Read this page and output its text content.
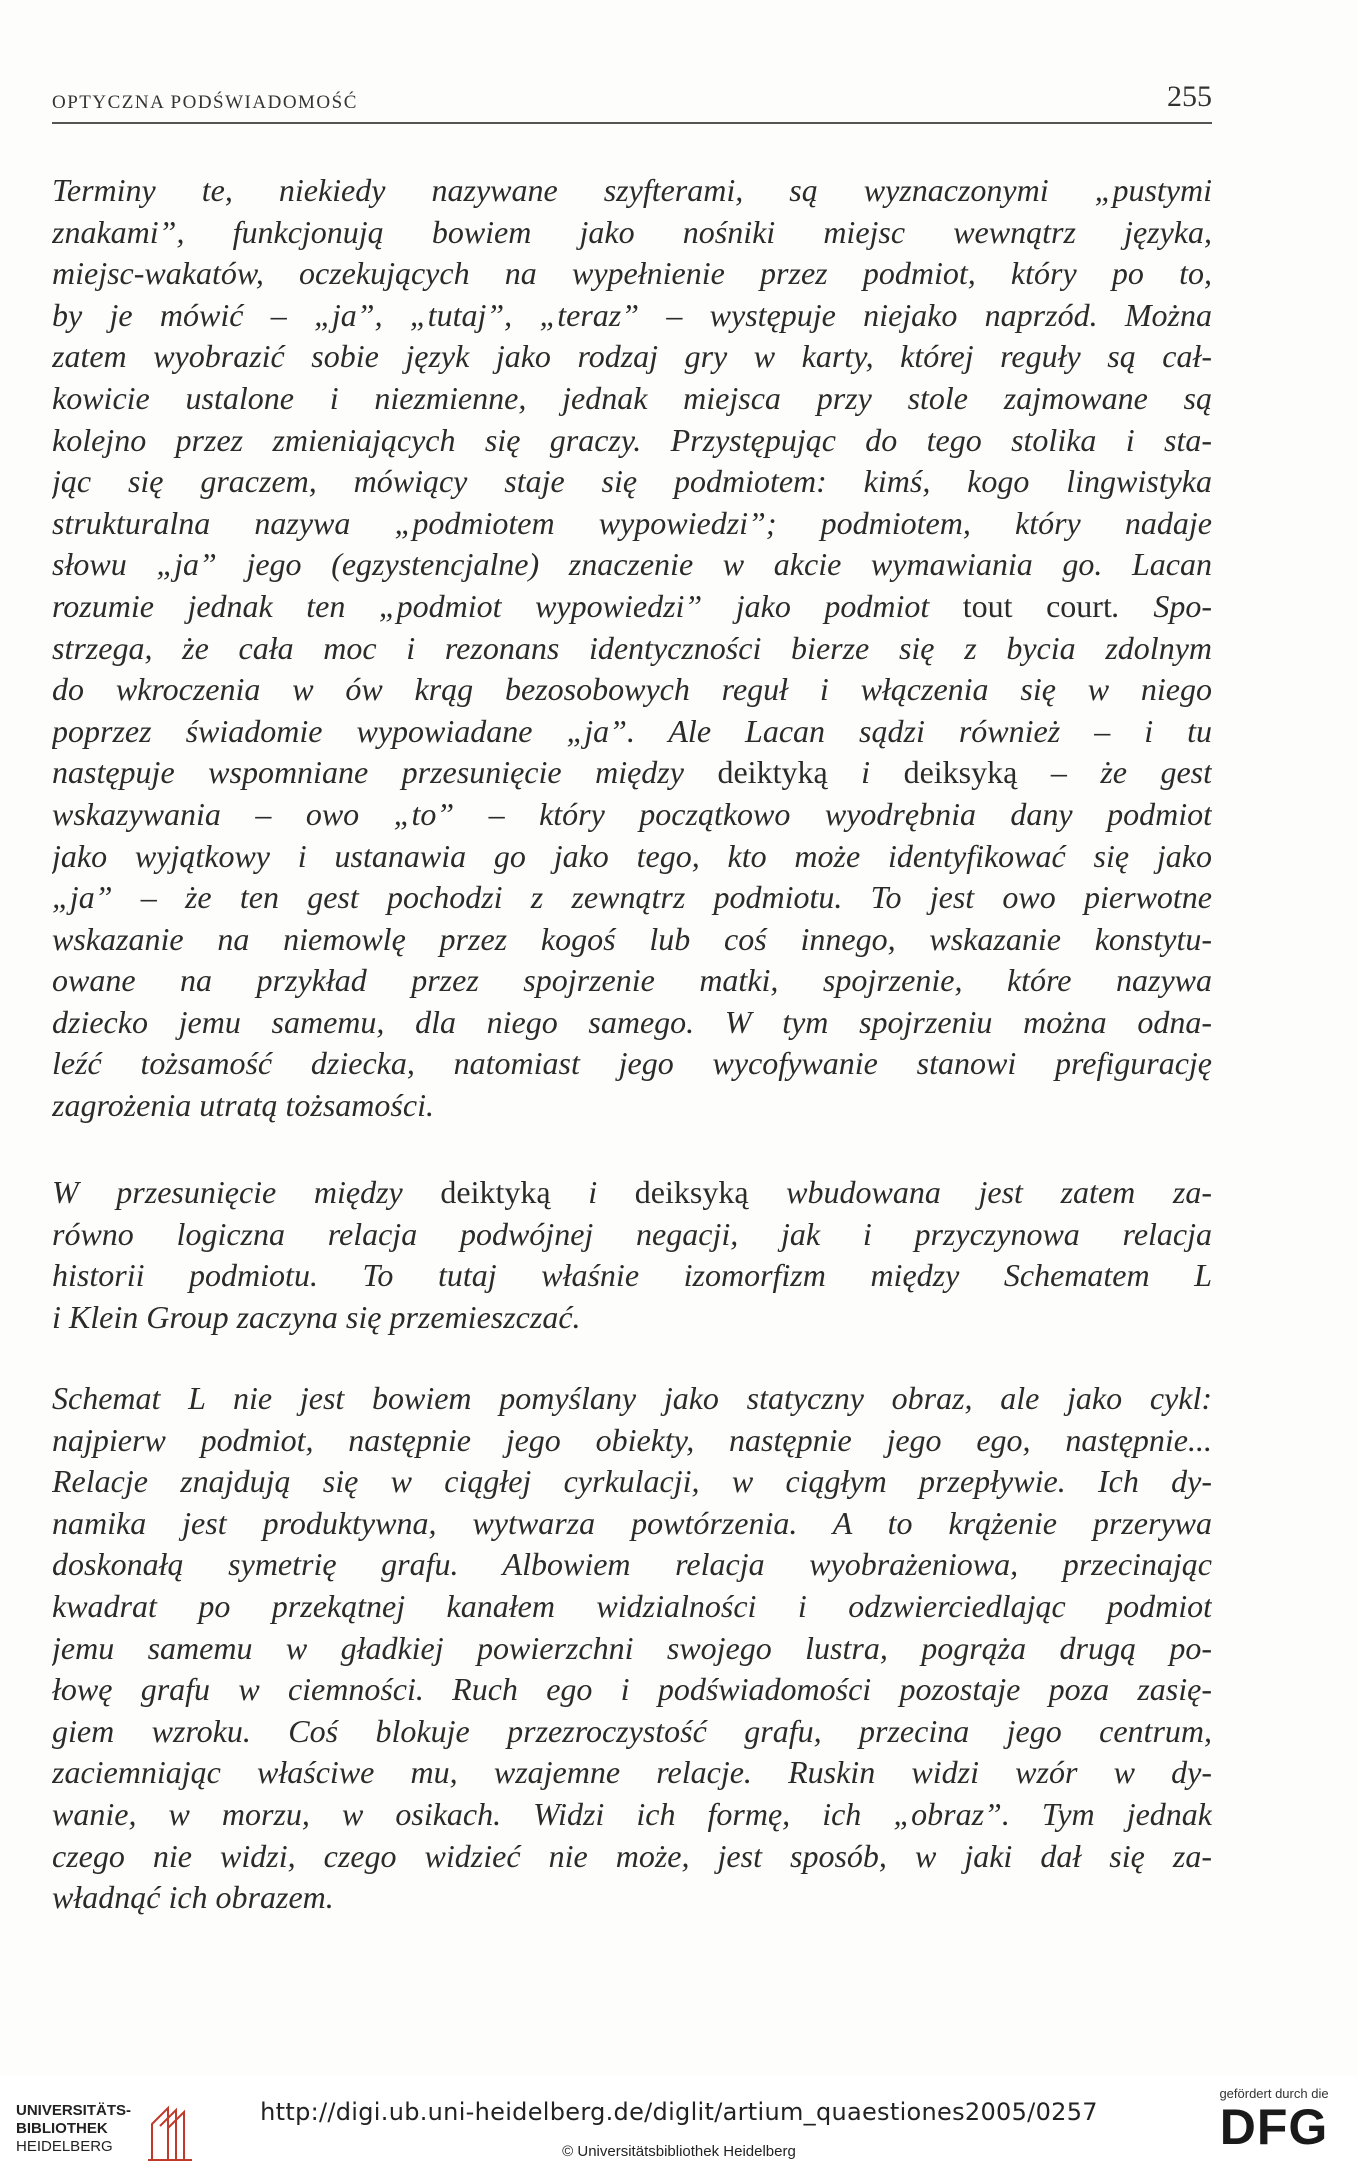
OPTYCZNA PODŚWIADOMOŚĆ	255
Terminy te, niekiedy nazywane szyfterami, są wyznaczonymi „pustymi
znakami”, funkcjonują bowiem jako nośniki miejsc wewnątrz języka,
miejsc-wakatów, oczekujących na wypełnienie przez podmiot, który po to,
by je mówić – „ja”, „tutaj”, „teraz” – występuje niejako naprzód. Można
zatem wyobrazić sobie język jako rodzaj gry w karty, której reguły są cał-
kowicie ustalone i niezmienne, jednak miejsca przy stole zajmowane są
kolejno przez zmieniających się graczy. Przystępując do tego stolika i sta-
jąc się graczem, mówiący staje się podmiotem: kimś, kogo lingwistyka
strukturalna nazywa „podmiotem wypowiedzi”; podmiotem, który nadaje
słowu „ja” jego (egzystencjalne) znaczenie w akcie wymawiania go. Lacan
rozumie jednak ten „podmiot wypowiedzi” jako podmiot tout court. Spo-
strzega, że cała moc i rezonans identyczności bierze się z bycia zdolnym
do wkroczenia w ów krąg bezosobowych reguł i włączenia się w niego
poprzez świadomie wypowiadane „ja”. Ale Lacan sądzi również – i tu
następuje wspomniane przesunięcie między deiktyką i deiksyką – że gest
wskazywania – owo „to” – który początkowo wyodrębnia dany podmiot
jako wyjątkowy i ustanawia go jako tego, kto może identyfikować się jako
„ja” – że ten gest pochodzi z zewnątrz podmiotu. To jest owo pierwotne
wskazanie na niemowlę przez kogoś lub coś innego, wskazanie konstytu-
owane na przykład przez spojrzenie matki, spojrzenie, które nazywa
dziecko jemu samemu, dla niego samego. W tym spojrzeniu można odna-
leźć tożsamość dziecka, natomiast jego wycofywanie stanowi prefigurację
zagrożenia utratą tożsamości.
W przesunięcie między deiktyką i deiksyką wbudowana jest zatem za-
równo logiczna relacja podwójnej negacji, jak i przyczynowa relacja
historii podmiotu. To tutaj właśnie izomorfizm między Schematem L
i Klein Group zaczyna się przemieszczać.
Schemat L nie jest bowiem pomyślany jako statyczny obraz, ale jako cykl:
najpierw podmiot, następnie jego obiekty, następnie jego ego, następnie...
Relacje znajdują się w ciągłej cyrkulacji, w ciągłym przepływie. Ich dy-
namika jest produktywna, wytwarza powtórzenia. A to krążenie przerywa
doskonałą symetrię grafu. Albowiem relacja wyobrażeniowa, przecinając
kwadrat po przekątnej kanałem widzialności i odzwierciedlając podmiot
jemu samemu w gładkiej powierzchni swojego lustra, pogrąża drugą po-
łowę grafu w ciemności. Ruch ego i podświadomości pozostaje poza zasię-
giem wzroku. Coś blokuje przezroczystość grafu, przecina jego centrum,
zaciemniając właściwe mu, wzajemne relacje. Ruskin widzi wzór w dy-
wanie, w morzu, w osikach. Widzi ich formę, ich „obraz”. Tym jednak
czego nie widzi, czego widzieć nie może, jest sposób, w jaki dał się za-
władnąć ich obrazem.
UNIVERSITÄTS-
BIBLIOTHEK
HEIDELBERG
http://digi.ub.uni-heidelberg.de/diglit/artium_quaestiones2005/0257
© Universitätsbibliothek Heidelberg
gefördert durch die
DFG
